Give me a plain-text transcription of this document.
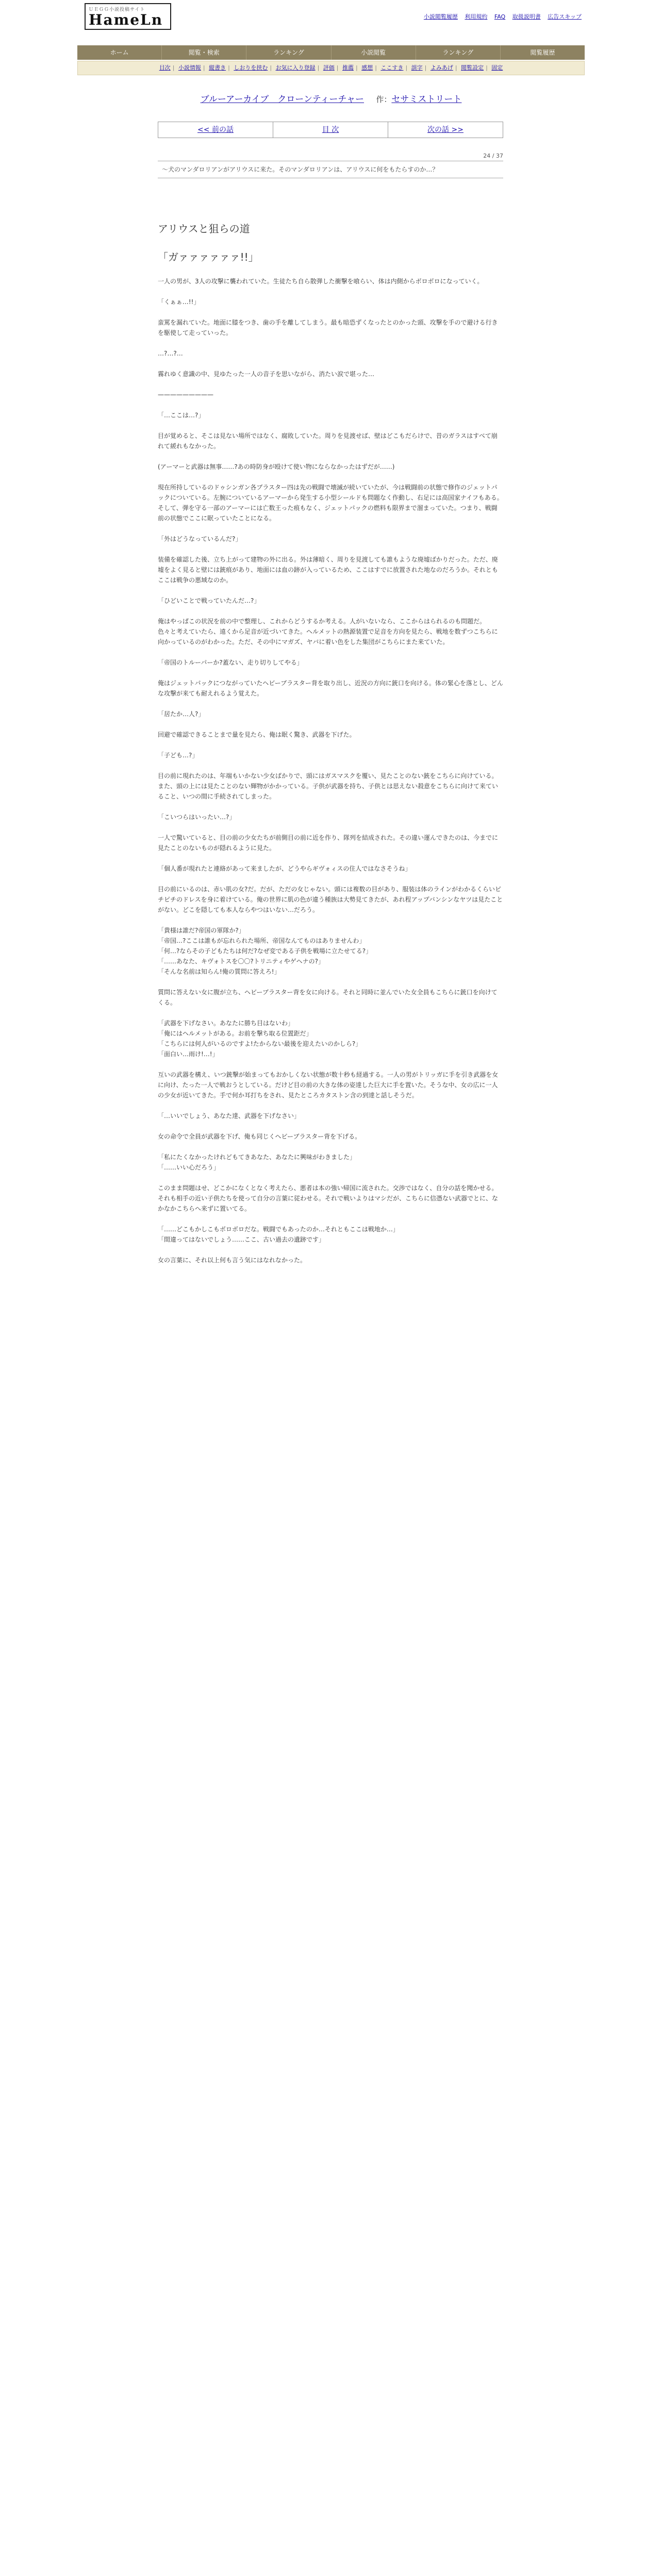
ＵＥＧＧ小説投稿サイト
HameLn	小説閲覧履歴 利用規約 FAQ 取扱説明書 広告スキップ
ホーム	閲覧・検索	ランキング	小説閲覧	ランキング	閲覧履歴
目次 | 小説情報 | 縦書き | しおりを挟む | お気に入り登録 | 評価 | 推薦 | 感想 | ここすき | 誤字 | よみあげ | 閲覧設定 | 固定
ブルーアーカイブ　クローンティーチャー 作：セサミストリート
<< 前の話	目 次	次の話 >>
24 / 37
～犬のマンダロリアンがアリウスに来た。そのマンダロリアンは、アリウスに何をもたらすのか…？
アリウスと狙らの道

「ガァァァァァァ!!」

一人の男が、3人の攻撃に襲われていた。生徒たち自ら散弾した衝撃を喰らい、体は内側からボロボロになっていく。

「くぁぁ…!!」

蛮罵を漏れていた。地面に膝をつき、歯の手を離してしまう。最も暗恐ずくなったとのかった頭、攻撃を手ので避ける行きを駆使して走っていった。

…?…?…

霧れゆく意識の中、見ゆたった一人の音子を思いながら、消たい涙で堪った…

—————————

「…ここは…?」

目が覚めると、そこは見ない場所ではなく、腐敗していた。周りを見渡せば、壁はどこもだらけで、昔のガラスはすべて崩れて緩れもなかった。

(アーマーと武器は無事……?あの時防身が殴けて使い物にならなかったはずだが……)

現在所持しているのドゥシンガン各ブラスター四は先の戦闘で壊滅が続いていたが、今は戦闘前の状態で修作のジェットパックについている。左腕についているアーマーから発生する小型シールドも問題なく作動し、右足には高国家ナイフもある。そして、弾を守る一部のアーマーには亡数王った痕もなく、ジェットパックの燃料も限界まで溜まっていた。つまり、戦闘前の状態でここに眠っていたことになる。

「外はどうなっているんだ?」

装備を確認した後、立ち上がって建物の外に出る。外は薄暗く、周りを見渡しても誰もような廃墟ばかりだった。ただ、廃墟をよく見ると壁には銃痕があり、地面には血の跡が入っているため、ここはすでに放置された地なのだろうか。それともここは戦争の悪域なのか。

「ひどいことで戦っていたんだ…?」

俺はやっぱこの状況を前の中で整理し、これからどうするか考える。人がいないなら、ここからはられるのも問題だ。

色々と考えていたら、遠くから足音が近づいてきた。ヘルメットの熱源装置で足音を方向を見たら、戦地を数ずつこちらに向かっているのがわかった。ただ、その中にマガズ、ヤバに着い色をした集団がこちらにまた来ていた。

「帝国のトルーパーか?蓋ない、走り切りしてやる」

俺はジェットパックにつながっていたヘビーブラスター背を取り出し、近況の方向に銃口を向ける。体の緊心を落とし、どんな攻撃が来ても耐えれるよう覚えた。

「居たか…人?」

回避で確認できることまで量を見たら、俺は眠く驚き、武器を下げた。

「子ども…?」

目の前に現れたのは、年端もいかない少女ばかりで、頭にはガスマスクを覆い、見たことのない銃をこちらに向けている。また、頭の上には見たことのない輝物がかかっている。子供が武器を持ち、子供とは思えない殺意をこちらに向けて来ていること、いつの間に手続されてしまった。

「こいつらはいったい…?」

一人で驚いていると、目の前の少女たちが前側目の前に近を作り、隊列を結成された。その違い運んできたのは、今までに見たことのないものが隠れるように見た。

「個人番が現れたと連絡があって来ましたが、どうやらギヴォィスの住人ではなさそうね」

目の前にいるのは、赤い肌の女?だ。だが、ただの女じゃない。頭には複数の目があり、服装は体のラインがわかるくらいピチピチのドレスを身に着けている。俺の世界に肌の色が違う種族は大勢見てきたが、あれ程アップバンシンなヤツは見たことがない。どこを隠しても本人ならやつはいない…だろう。

「貴様は誰だ?帝国の軍隊か?」

「帝国…?ここは誰もが忘れられた場所、帝国なんてものはありませんわ」

「何…?ならその子どもたちは何だ?なぜ変である子供を戦場に立たせてる?」

「……あなた、キヴォトスを〇〇?トリニティやゲヘナの?」

「そんな名前は知らん!俺の質問に答えろ!」

質問に答えない女に腹が立ち、ヘビーブラスター背を女に向ける。それと同時に並んでいた女全員もこちらに銃口を向けてくる。

「武器を下げなさい。あなたに勝ち目はないわ」

「俺にはヘルメットがある。お前を撃ち取る位置距だ」

「こちらには何人がいるのですよ!たからない最後を迎えたいのかしら?」

「面白い…雨け!…!」

互いの武器を構え、いつ銃撃が始まってもおかしくない状態が数十秒も経過する。一人の男がトリッガに手を引き武器を女に向け、たった一人で戦おうとしている。だけど目の前の大きな体の姿達した巨大に手を置いた。そうな中、女の広に一人の少女が近いてきた。手で何か耳打ちをされ、見たところカタストン含の到達と話しそうだ。

「…いいでしょう、あなた達、武器を下げなさい」

女の命令で全員が武器を下げ、俺も同じくヘビーブラスター背を下げる。

「私にたくなかったけれどもてきあなた、あなたに興味がわきました」

「……いい心だろう」

このまま問題はせ、どこかになくとなく考えたら、悪者は本の強い帰国に流された。交渉ではなく、自分の話を聞かせる。それも相手の近い子供たちを使って自分の言葉に従わせる。それで戦いよりはマシだが、こちらに信憑ない武器でとに、なかなかこちらへ来ずに置いてる。

「……どこもかしこもボロボロだな。戦闘でもあったのか…それともここは戦地か…」

「間違ってはないでしょう……ここ、古い過去の遺跡です」

女の言葉に、それ以上何も言う気にはなれなかった。
